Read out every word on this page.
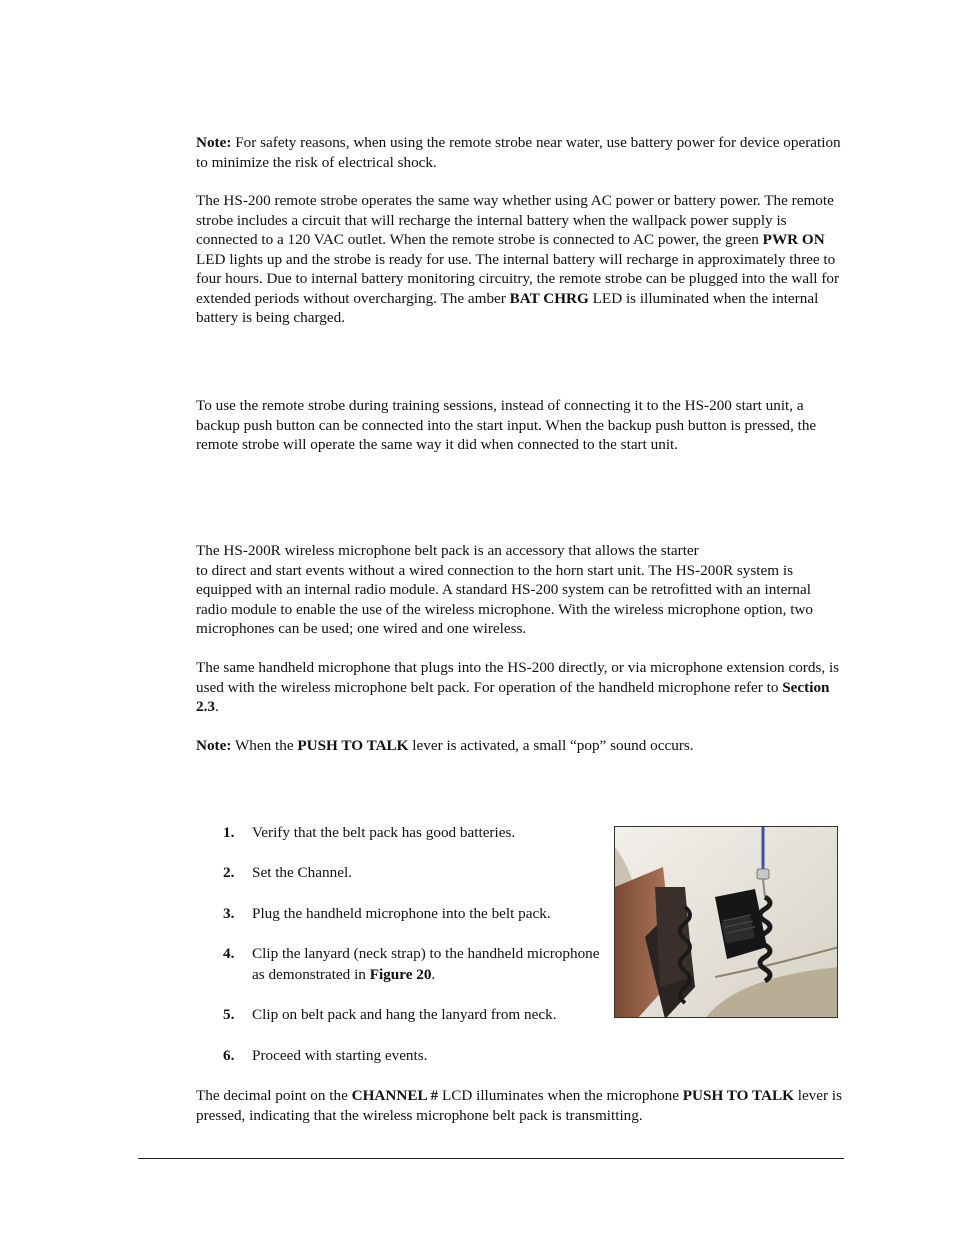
Note: For safety reasons, when using the remote strobe near water, use battery power for device operation to minimize the risk of electrical shock.

The HS-200 remote strobe operates the same way whether using AC power or battery power. The remote strobe includes a circuit that will recharge the internal battery when the wallpack power supply is connected to a 120 VAC outlet. When the remote strobe is connected to AC power, the green PWR ON LED lights up and the strobe is ready for use. The internal battery will recharge in approximately three to four hours. Due to internal battery monitoring circuitry, the remote strobe can be plugged into the wall for extended periods without overcharging. The amber BAT CHRG LED is illuminated when the internal battery is being charged.

To use the remote strobe during training sessions, instead of connecting it to the HS-200 start unit, a backup push button can be connected into the start input. When the backup push button is pressed, the remote strobe will operate the same way it did when connected to the start unit.

The HS-200R wireless microphone belt pack is an accessory that allows the starter
to direct and start events without a wired connection to the horn start unit. The HS-200R system is equipped with an internal radio module. A standard HS-200 system can be retrofitted with an internal radio module to enable the use of the wireless microphone. With the wireless microphone option, two microphones can be used; one wired and one wireless.

The same handheld microphone that plugs into the HS-200 directly, or via microphone extension cords, is used with the wireless microphone belt pack. For operation of the handheld microphone refer to Section 2.3.

Note: When the PUSH TO TALK lever is activated, a small “pop” sound occurs.

1. Verify that the belt pack has good batteries.
2. Set the Channel.
3. Plug the handheld microphone into the belt pack.
4. Clip the lanyard (neck strap) to the handheld microphone as demonstrated in Figure 20.
5. Clip on belt pack and hang the lanyard from neck.
6. Proceed with starting events.

The decimal point on the CHANNEL # LCD illuminates when the microphone PUSH TO TALK lever is pressed, indicating that the wireless microphone belt pack is transmitting.
